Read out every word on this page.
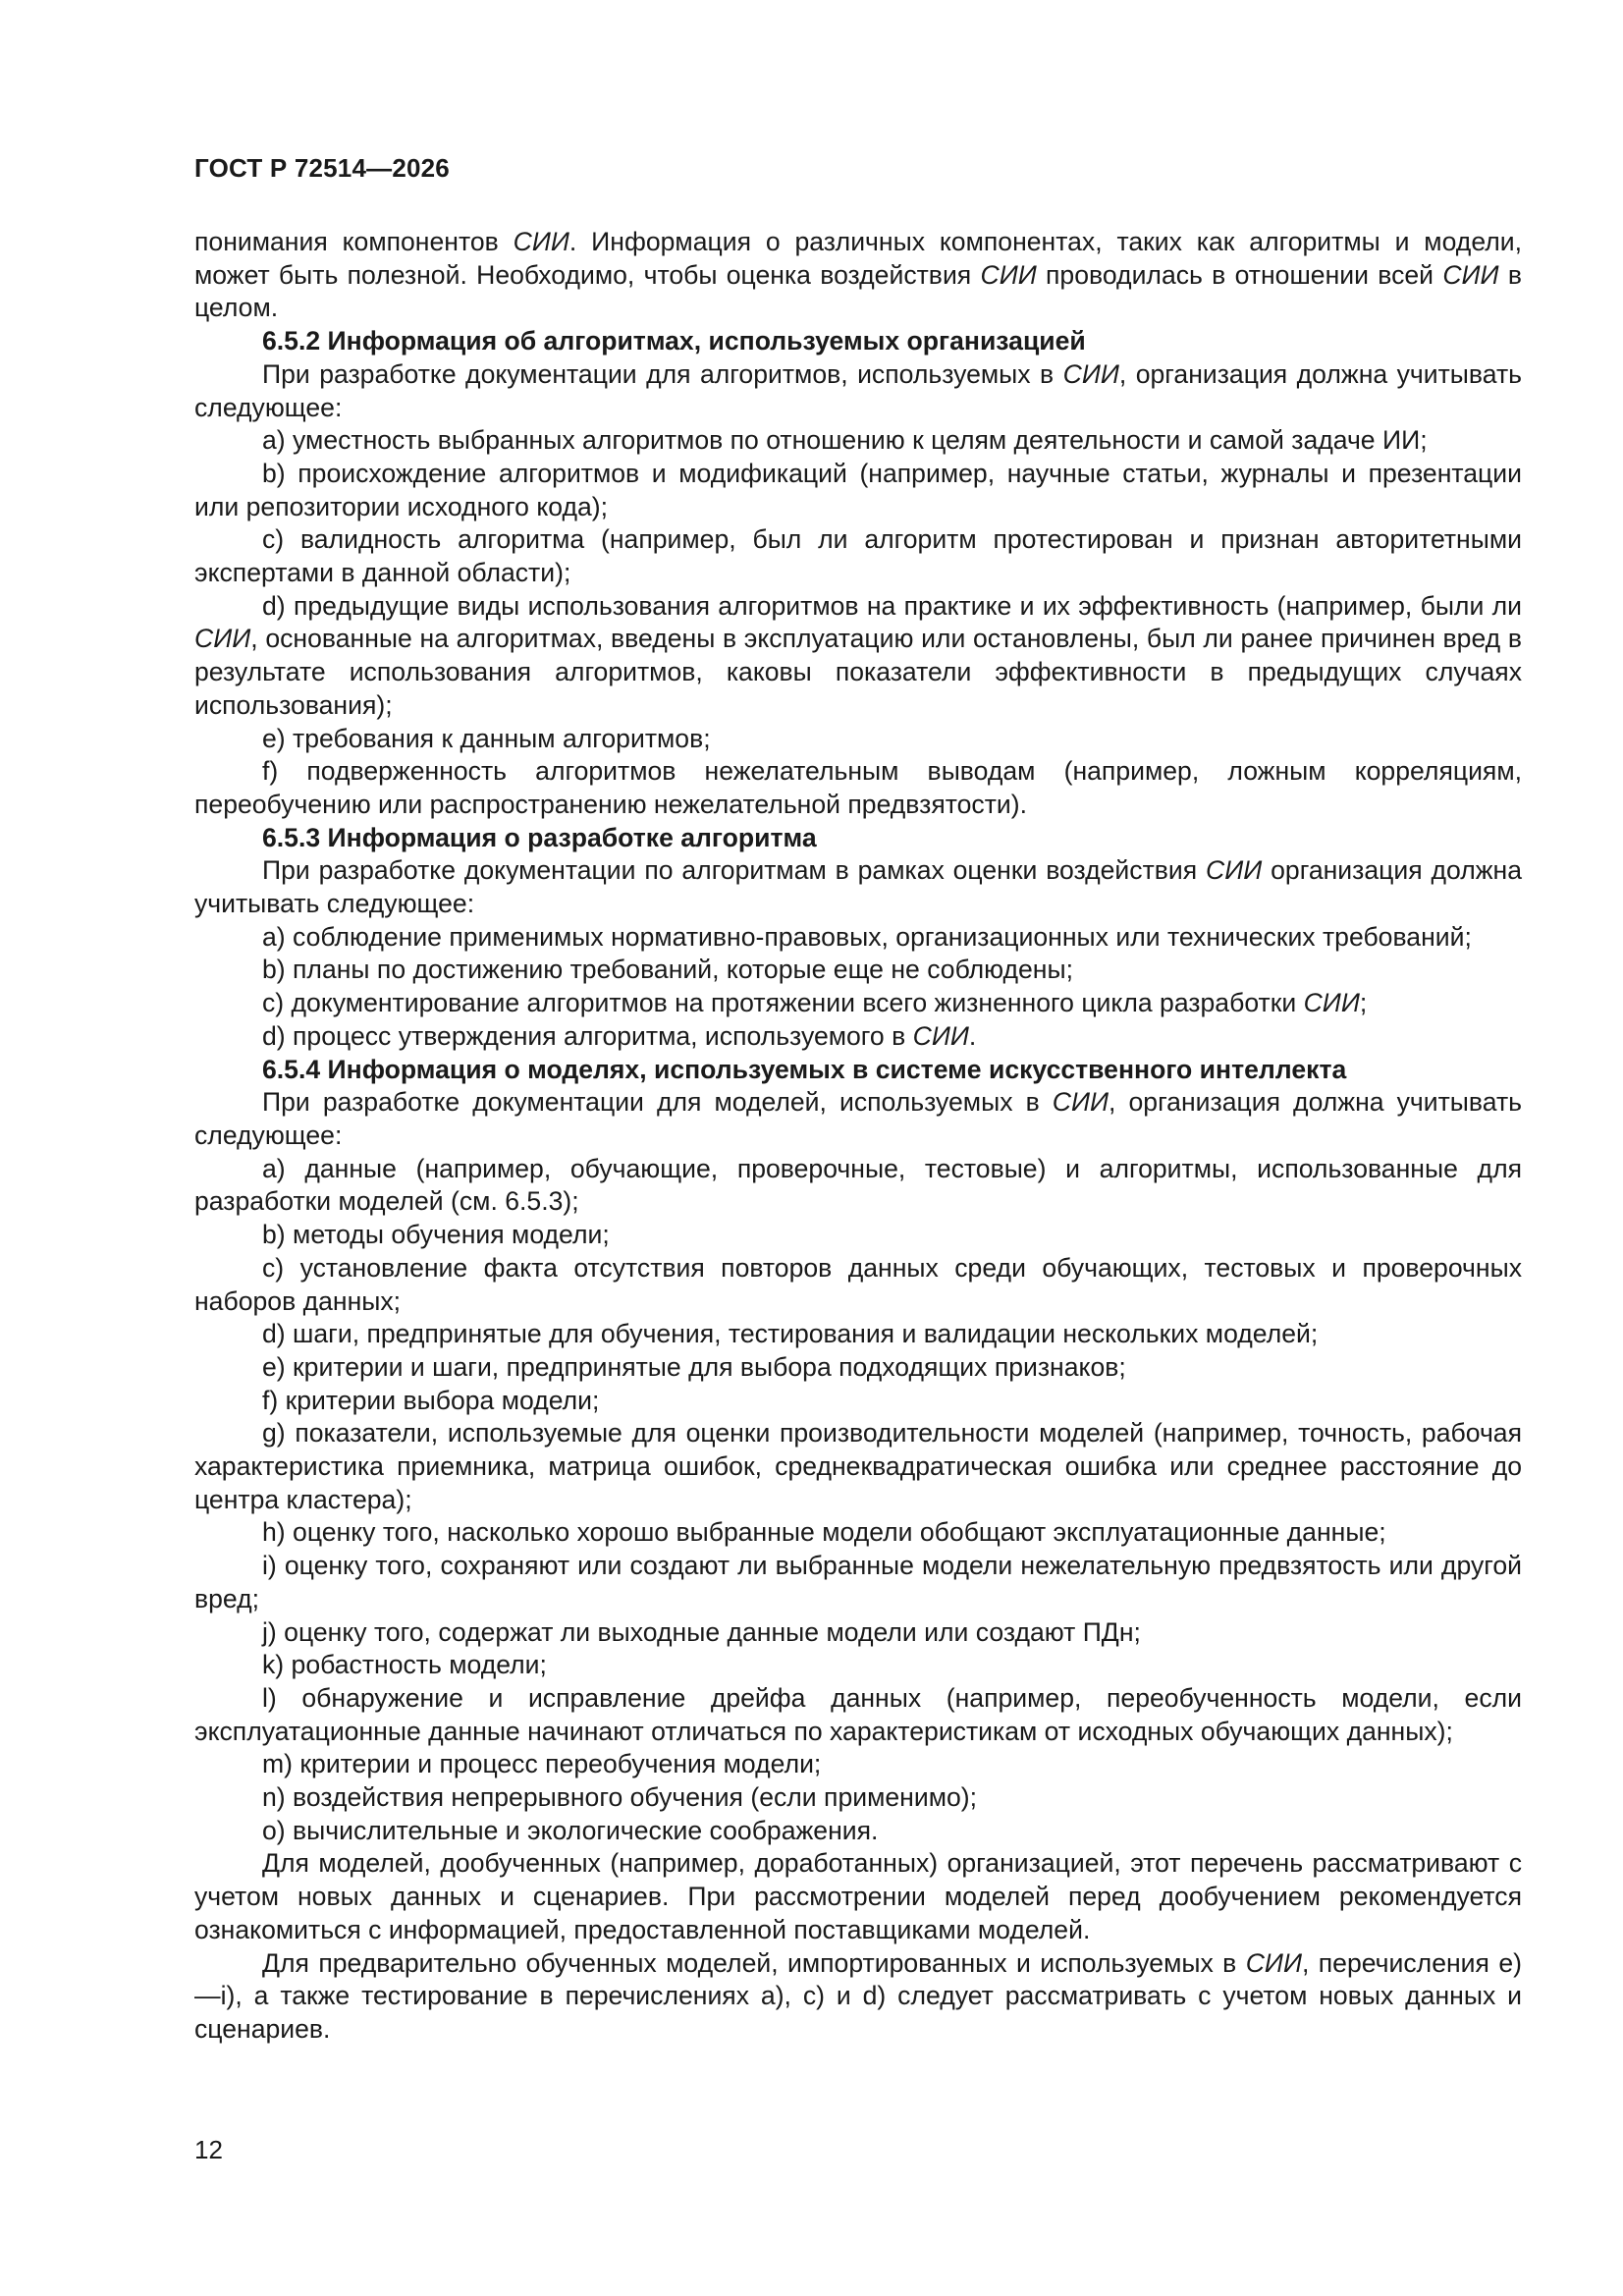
ГОСТ Р 72514—2026

понимания компонентов СИИ. Информация о различных компонентах, таких как алгоритмы и модели, может быть полезной. Необходимо, чтобы оценка воздействия СИИ проводилась в отношении всей СИИ в целом.

6.5.2 Информация об алгоритмах, используемых организацией

При разработке документации для алгоритмов, используемых в СИИ, организация должна учитывать следующее:

a) уместность выбранных алгоритмов по отношению к целям деятельности и самой задаче ИИ;

b) происхождение алгоритмов и модификаций (например, научные статьи, журналы и презентации или репозитории исходного кода);

c) валидность алгоритма (например, был ли алгоритм протестирован и признан авторитетными экспертами в данной области);

d) предыдущие виды использования алгоритмов на практике и их эффективность (например, были ли СИИ, основанные на алгоритмах, введены в эксплуатацию или остановлены, был ли ранее причинен вред в результате использования алгоритмов, каковы показатели эффективности в предыдущих случаях использования);

e) требования к данным алгоритмов;

f) подверженность алгоритмов нежелательным выводам (например, ложным корреляциям, переобучению или распространению нежелательной предвзятости).

6.5.3 Информация о разработке алгоритма

При разработке документации по алгоритмам в рамках оценки воздействия СИИ организация должна учитывать следующее:

a) соблюдение применимых нормативно-правовых, организационных или технических требований;

b) планы по достижению требований, которые еще не соблюдены;

c) документирование алгоритмов на протяжении всего жизненного цикла разработки СИИ;

d) процесс утверждения алгоритма, используемого в СИИ.

6.5.4 Информация о моделях, используемых в системе искусственного интеллекта

При разработке документации для моделей, используемых в СИИ, организация должна учитывать следующее:

a) данные (например, обучающие, проверочные, тестовые) и алгоритмы, использованные для разработки моделей (см. 6.5.3);

b) методы обучения модели;

c) установление факта отсутствия повторов данных среди обучающих, тестовых и проверочных наборов данных;

d) шаги, предпринятые для обучения, тестирования и валидации нескольких моделей;

e) критерии и шаги, предпринятые для выбора подходящих признаков;

f) критерии выбора модели;

g) показатели, используемые для оценки производительности моделей (например, точность, рабочая характеристика приемника, матрица ошибок, среднеквадратическая ошибка или среднее расстояние до центра кластера);

h) оценку того, насколько хорошо выбранные модели обобщают эксплуатационные данные;

i) оценку того, сохраняют или создают ли выбранные модели нежелательную предвзятость или другой вред;

j) оценку того, содержат ли выходные данные модели или создают ПДн;

k) робастность модели;

l) обнаружение и исправление дрейфа данных (например, переобученность модели, если эксплуатационные данные начинают отличаться по характеристикам от исходных обучающих данных);

m) критерии и процесс переобучения модели;

n) воздействия непрерывного обучения (если применимо);

o) вычислительные и экологические соображения.

Для моделей, дообученных (например, доработанных) организацией, этот перечень рассматривают с учетом новых данных и сценариев. При рассмотрении моделей перед дообучением рекомендуется ознакомиться с информацией, предоставленной поставщиками моделей.

Для предварительно обученных моделей, импортированных и используемых в СИИ, перечисления e)—i), а также тестирование в перечислениях a), c) и d) следует рассматривать с учетом новых данных и сценариев.

12
